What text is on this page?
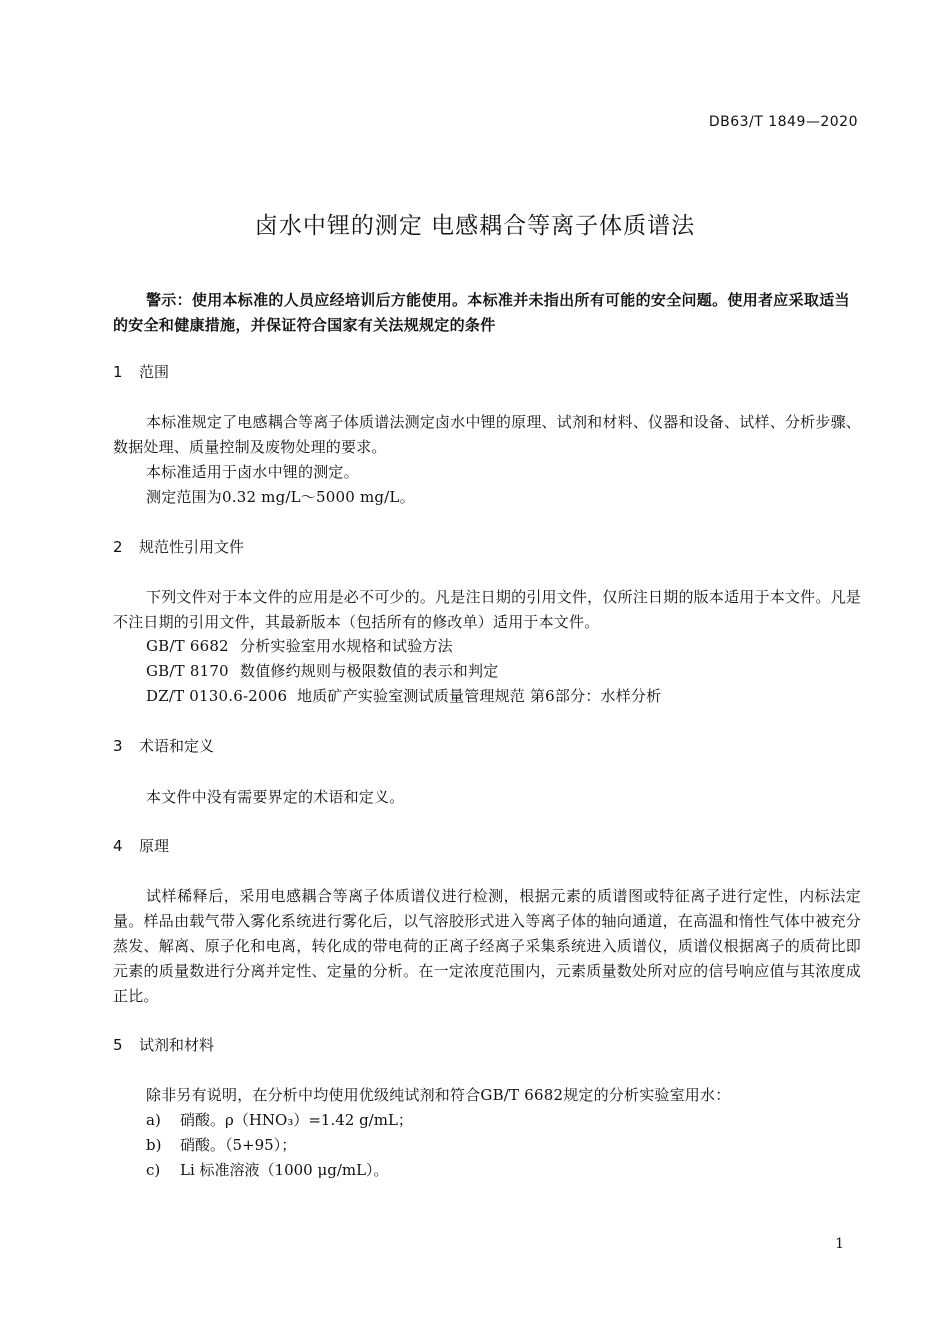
DB63/T 1849—2020
卤水中锂的测定 电感耦合等离子体质谱法
警示：使用本标准的人员应经培训后方能使用。本标准并未指出所有可能的安全问题。使用者应采取适当的安全和健康措施，并保证符合国家有关法规规定的条件
1 范围
本标准规定了电感耦合等离子体质谱法测定卤水中锂的原理、试剂和材料、仪器和设备、试样、分析步骤、数据处理、质量控制及废物处理的要求。
本标准适用于卤水中锂的测定。
测定范围为0.32 mg/L～5000 mg/L。
2 规范性引用文件
下列文件对于本文件的应用是必不可少的。凡是注日期的引用文件，仅所注日期的版本适用于本文件。凡是不注日期的引用文件，其最新版本（包括所有的修改单）适用于本文件。
GB/T 6682 分析实验室用水规格和试验方法
GB/T 8170 数值修约规则与极限数值的表示和判定
DZ/T 0130.6-2006 地质矿产实验室测试质量管理规范 第6部分：水样分析
3 术语和定义
本文件中没有需要界定的术语和定义。
4 原理
试样稀释后，采用电感耦合等离子体质谱仪进行检测，根据元素的质谱图或特征离子进行定性，内标法定量。样品由载气带入雾化系统进行雾化后，以气溶胶形式进入等离子体的轴向通道，在高温和惰性气体中被充分蒸发、解离、原子化和电离，转化成的带电荷的正离子经离子采集系统进入质谱仪，质谱仪根据离子的质荷比即元素的质量数进行分离并定性、定量的分析。在一定浓度范围内，元素质量数处所对应的信号响应值与其浓度成正比。
5 试剂和材料
除非另有说明，在分析中均使用优级纯试剂和符合GB/T 6682规定的分析实验室用水：
a) 硝酸。ρ（HNO₃）=1.42 g/mL；
b) 硝酸。（5+95）；
c) Li 标准溶液（1000 μg/mL）。
1
